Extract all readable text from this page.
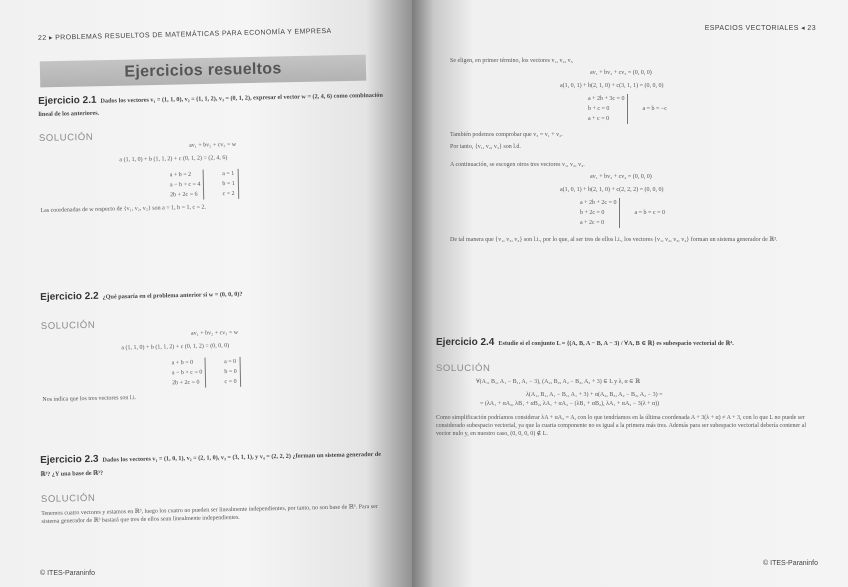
22 ▸ PROBLEMAS RESUELTOS DE MATEMÁTICAS PARA ECONOMÍA Y EMPRESA
Ejercicios resueltos
Ejercicio 2.1 Dados los vectores v₁ = (1, 1, 0), v₂ = (1, 1, 2), v₃ = (0, 1, 2), expresar el vector w = (2, 4, 6) como combinación lineal de los anteriores.
SOLUCIÓN
av₁ + bv₂ + cv₃ = w
a (1, 1, 0) + b (1, 1, 2) + c (0, 1, 2) = (2, 4, 6)
a + b = 2
a − b + c = 4
2b + 2c = 6
a = 1
b = 1
c = 2
Las coordenadas de w respecto de {v₁, v₂, v₃} son a = 1, b = 1, c = 2.
Ejercicio 2.2 ¿Qué pasaría en el problema anterior si w = (0, 0, 0)?
SOLUCIÓN
av₁ + bv₂ + cv₃ = w
a (1, 1, 0) + b (1, 1, 2) + c (0, 1, 2) = (0, 0, 0)
a + b = 0
a − b + c = 0
2b + 2c = 0
a = 0
b = 0
c = 0
Nos indica que los tres vectores son l.i.
Ejercicio 2.3 Dados los vectores v₁ = (1, 0, 1), v₂ = (2, 1, 0), v₃ = (3, 1, 1), y v₄ = (2, 2, 2) ¿forman un sistema generador de ℝ³? ¿Y una base de ℝ³?
SOLUCIÓN
Tenemos cuatro vectores y estamos en ℝ³, luego los cuatro no pueden ser linealmente independientes, por tanto, no son base de ℝ³. Para ser sistema generador de ℝ³ bastará que tres de ellos sean linealmente independientes.
© ITES-Paraninfo
ESPACIOS VECTORIALES ◂ 23
Se eligen, en primer término, los vectores v₁, v₂, v₃
av₁ + bv₂ + cv₃ = (0, 0, 0)
a(1, 0, 1) + b(2, 1, 0) + c(3, 1, 1) = (0, 0, 0)
a + 2b + 3c = 0
b + c = 0
a + c = 0
a = b = −c
También podemos comprobar que v₃ = v₁ + v₂.
Por tanto, {v₁, v₂, v₃} son l.d.
A continuación, se escogen otros tres vectores v₁, v₂, v₄.
av₁ + bv₂ + cv₄ = (0, 0, 0)
a(1, 0, 1) + b(2, 1, 0) + c(2, 2, 2) = (0, 0, 0)
a + 2b + 2c = 0
b + 2c = 0
a + 2c = 0
a = b = c = 0
De tal manera que {v₁, v₂, v₄} son l.i., por lo que, al ser tres de ellos l.i., los vectores {v₁, v₂, v₃, v₄} forman un sistema generador de ℝ³.
Ejercicio 2.4 Estudie si el conjunto L = {(A, B, A − B, A − 3) / ∀A, B ∈ ℝ} es subespacio vectorial de ℝ⁴.
SOLUCIÓN
∀(A₁, B₁, A₁ − B₁, A₁ − 3), (A₂, B₂, A₂ − B₂, A₂ + 3) ∈ L y λ, α ∈ ℝ
λ(A₁, B₁, A₁ − B₁, A₁ + 3) + α(A₂, B₂, A₂ − B₂, A₂ − 3) =
= (λA₁ + αA₂, λB₁ + αB₂, λA₁ + αA₂ − (λB₁ + αB₂), λA₁ + αA₂ − 3(λ + α))
Como simplificación podríamos considerar λA + αA₂ = A, con lo que tendríamos en la última coordenada A + 3(λ + α) ≠ A + 3, con lo que L no puede ser considerado subespacio vectorial, ya que la cuarta componente no es igual a la primera más tres. Además para ser subespacio vectorial debería contener al vector nulo y, en nuestro caso, (0, 0, 0, 0) ∉ L.
© ITES-Paraninfo
